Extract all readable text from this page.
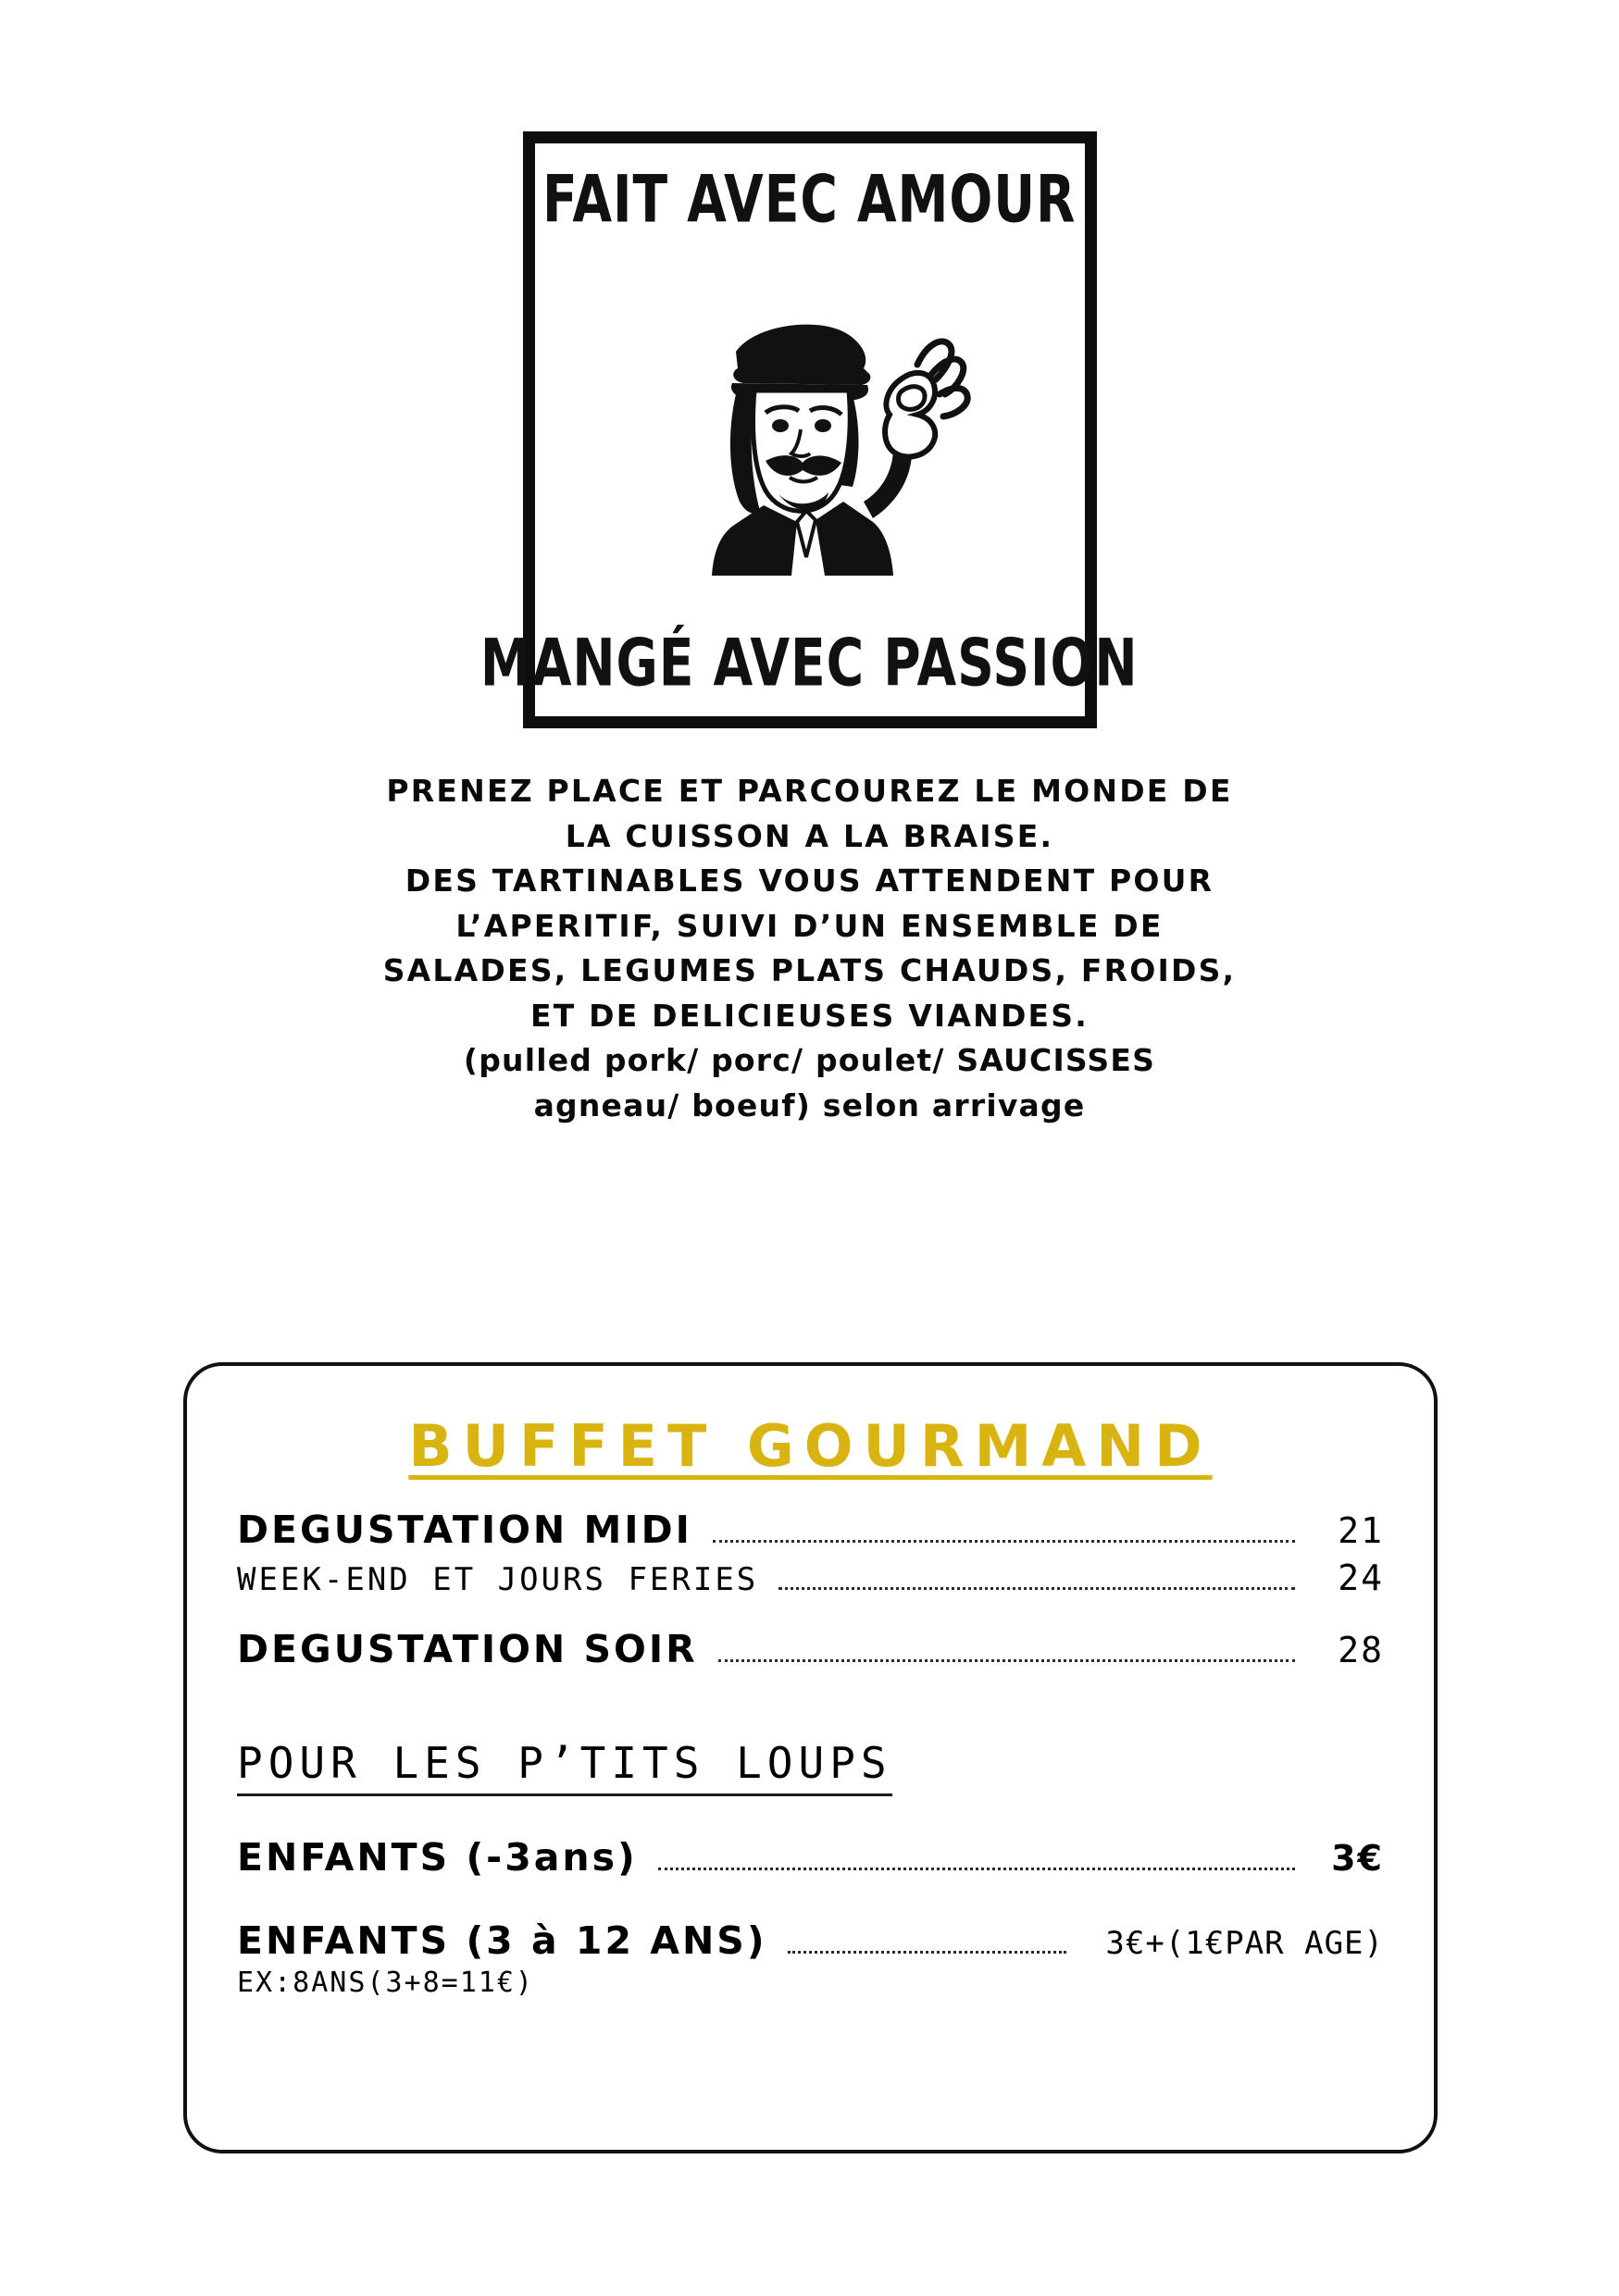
FAIT AVEC AMOUR
MANGÉ AVEC PASSION
PRENEZ PLACE ET PARCOUREZ LE MONDE DE
LA CUISSON A LA BRAISE.
DES TARTINABLES VOUS ATTENDENT POUR
L’APERITIF, SUIVI D’UN ENSEMBLE DE
SALADES, LEGUMES PLATS CHAUDS, FROIDS,
ET DE DELICIEUSES VIANDES.
(pulled pork/ porc/ poulet/ SAUCISSES
agneau/ boeuf) selon arrivage
BUFFET GOURMAND
DEGUSTATION MIDI	21
WEEK-END ET JOURS FERIES	24
DEGUSTATION SOIR	28
POUR LES P’TITS LOUPS
ENFANTS (-3ans)	3€
ENFANTS (3 à 12 ANS)	3€+(1€PAR AGE)
EX:8ANS(3+8=11€)
